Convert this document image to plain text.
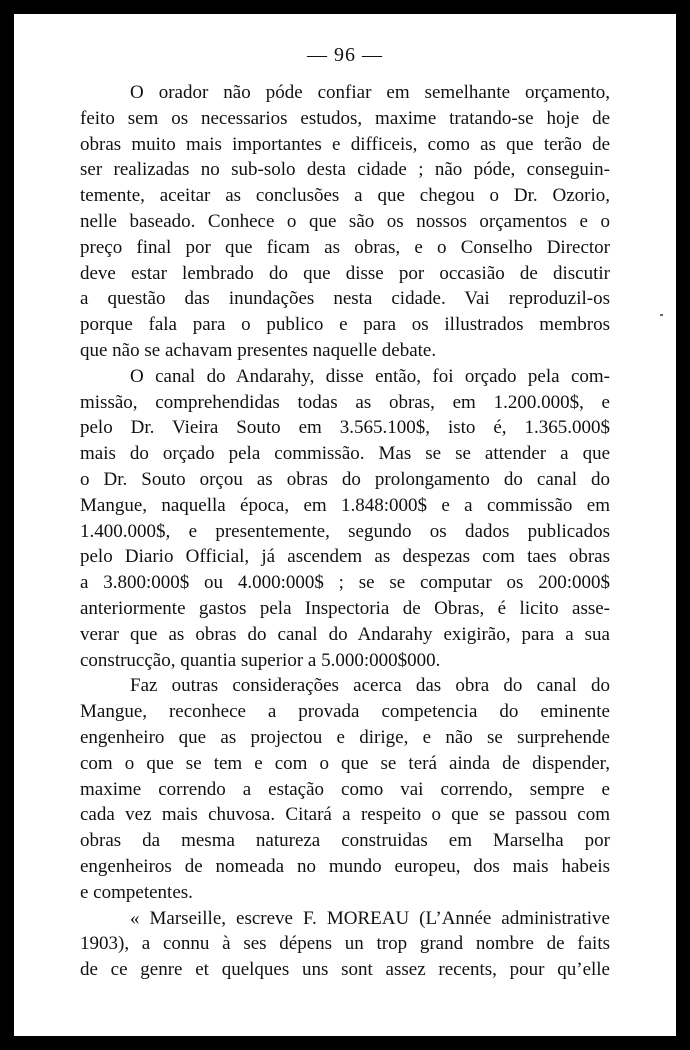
— 96 —
O orador não póde confiar em semelhante orçamento,
feito sem os necessarios estudos, maxime tratando-se hoje de
obras muito mais importantes e difficeis, como as que terão de
ser realizadas no sub-solo desta cidade ; não póde, conseguin-
temente, aceitar as conclusões a que chegou o Dr. Ozorio,
nelle baseado. Conhece o que são os nossos orçamentos e o
preço final por que ficam as obras, e o Conselho Director
deve estar lembrado do que disse por occasião de discutir
a questão das inundações nesta cidade. Vai reproduzil-os
porque fala para o publico e para os illustrados membros
que não se achavam presentes naquelle debate.
O canal do Andarahy, disse então, foi orçado pela com-
missão, comprehendidas todas as obras, em 1.200.000$, e
pelo Dr. Vieira Souto em 3.565.100$, isto é, 1.365.000$
mais do orçado pela commissão. Mas se se attender a que
o Dr. Souto orçou as obras do prolongamento do canal do
Mangue, naquella época, em 1.848:000$ e a commissão em
1.400.000$, e presentemente, segundo os dados publicados
pelo Diario Official, já ascendem as despezas com taes obras
a 3.800:000$ ou 4.000:000$ ; se se computar os 200:000$
anteriormente gastos pela Inspectoria de Obras, é licito asse-
verar que as obras do canal do Andarahy exigirão, para a sua
construcção, quantia superior a 5.000:000$000.
Faz outras considerações acerca das obra do canal do
Mangue, reconhece a provada competencia do eminente
engenheiro que as projectou e dirige, e não se surprehende
com o que se tem e com o que se terá ainda de dispender,
maxime correndo a estação como vai correndo, sempre e
cada vez mais chuvosa. Citará a respeito o que se passou com
obras da mesma natureza construidas em Marselha por
engenheiros de nomeada no mundo europeu, dos mais habeis
e competentes.
« Marseille, escreve F. MOREAU (L’Année administrative
1903), a connu à ses dépens un trop grand nombre de faits
de ce genre et quelques uns sont assez recents, pour qu’elle
